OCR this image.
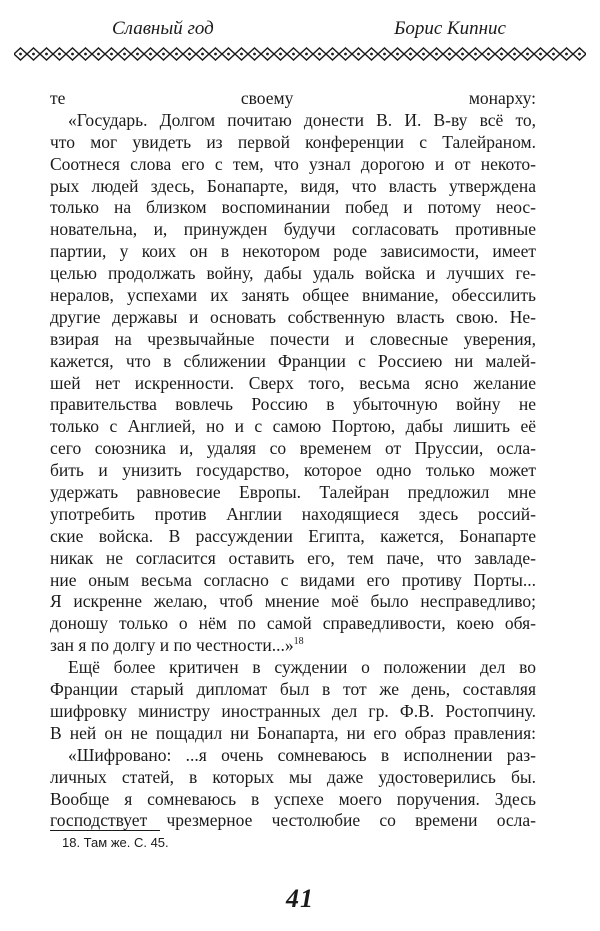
Славный год	Борис Кипнис
те своему монарху:
«Государь. Долгом почитаю донести В. И. В-ву всё то,
что мог увидеть из первой конференции с Талейраном.
Соотнеся слова его с тем, что узнал дорогою и от некото-
рых людей здесь, Бонапарте, видя, что власть утверждена
только на близком воспоминании побед и потому неос-
новательна, и, принужден будучи согласовать противные
партии, у коих он в некотором роде зависимости, имеет
целью продолжать войну, дабы удаль войска и лучших ге-
нералов, успехами их занять общее внимание, обессилить
другие державы и основать собственную власть свою. Не-
взирая на чрезвычайные почести и словесные уверения,
кажется, что в сближении Франции с Россиею ни малей-
шей нет искренности. Сверх того, весьма ясно желание
правительства вовлечь Россию в убыточную войну не
только с Англией, но и с самою Портою, дабы лишить её
сего союзника и, удаляя со временем от Пруссии, осла-
бить и унизить государство, которое одно только может
удержать равновесие Европы. Талейран предложил мне
употребить против Англии находящиеся здесь россий-
ские войска. В рассуждении Египта, кажется, Бонапарте
никак не согласится оставить его, тем паче, что завладе-
ние оным весьма согласно с видами его противу Порты...
Я искренне желаю, чтоб мнение моё было несправедливо;
доношу только о нём по самой справедливости, коею обя-
зан я по долгу и по честности...»$^{18}$
Ещё более критичен в суждении о положении дел во
Франции старый дипломат был в тот же день, составляя
шифровку министру иностранных дел гр. Ф.В. Ростопчину.
В ней он не пощадил ни Бонапарта, ни его образ правления:
«Шифровано: ...я очень сомневаюсь в исполнении раз-
личных статей, в которых мы даже удостоверились бы.
Вообще я сомневаюсь в успехе моего поручения. Здесь
господствует чрезмерное честолюбие со времени осла-
18. Там же. С. 45.
41
